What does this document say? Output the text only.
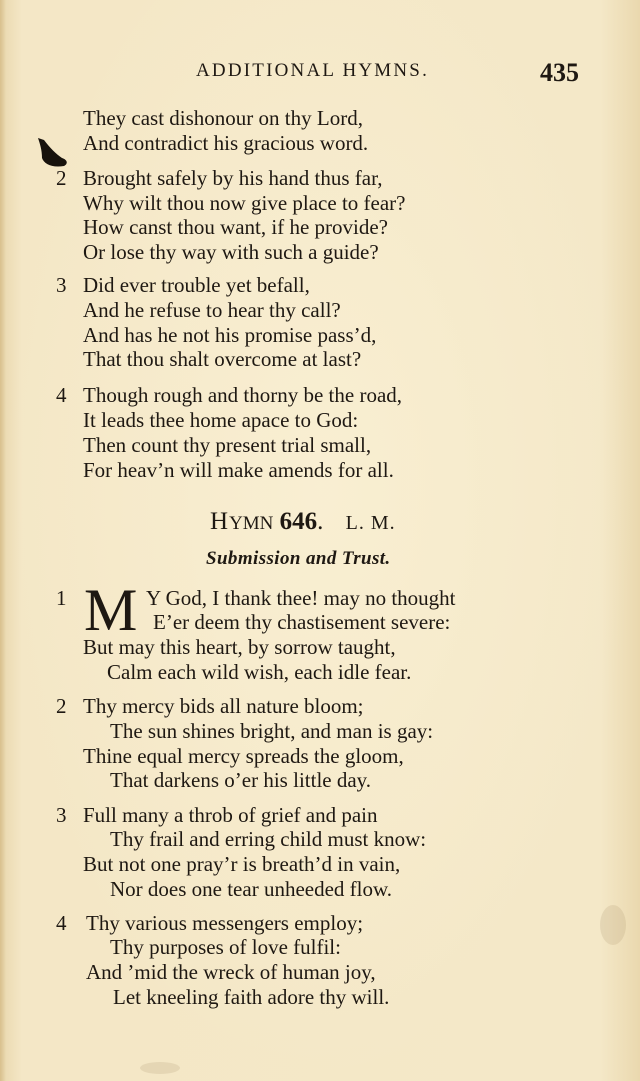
ADDITIONAL HYMNS.	435
They cast dishonour on thy Lord,
And contradict his gracious word.
2 Brought safely by his hand thus far,
Why wilt thou now give place to fear?
How canst thou want, if he provide?
Or lose thy way with such a guide?
3 Did ever trouble yet befall,
And he refuse to hear thy call?
And has he not his promise pass’d,
That thou shalt overcome at last?
4 Though rough and thorny be the road,
It leads thee home apace to God:
Then count thy present trial small,
For heav’n will make amends for all.
HYMN 646. L. M.
Submission and Trust.
1 M Y God, I thank thee! may no thought
E’er deem thy chastisement severe:
But may this heart, by sorrow taught,
Calm each wild wish, each idle fear.
2 Thy mercy bids all nature bloom;
The sun shines bright, and man is gay:
Thine equal mercy spreads the gloom,
That darkens o’er his little day.
3 Full many a throb of grief and pain
Thy frail and erring child must know:
But not one pray’r is breath’d in vain,
Nor does one tear unheeded flow.
4 Thy various messengers employ;
Thy purposes of love fulfil:
And ’mid the wreck of human joy,
Let kneeling faith adore thy will.
